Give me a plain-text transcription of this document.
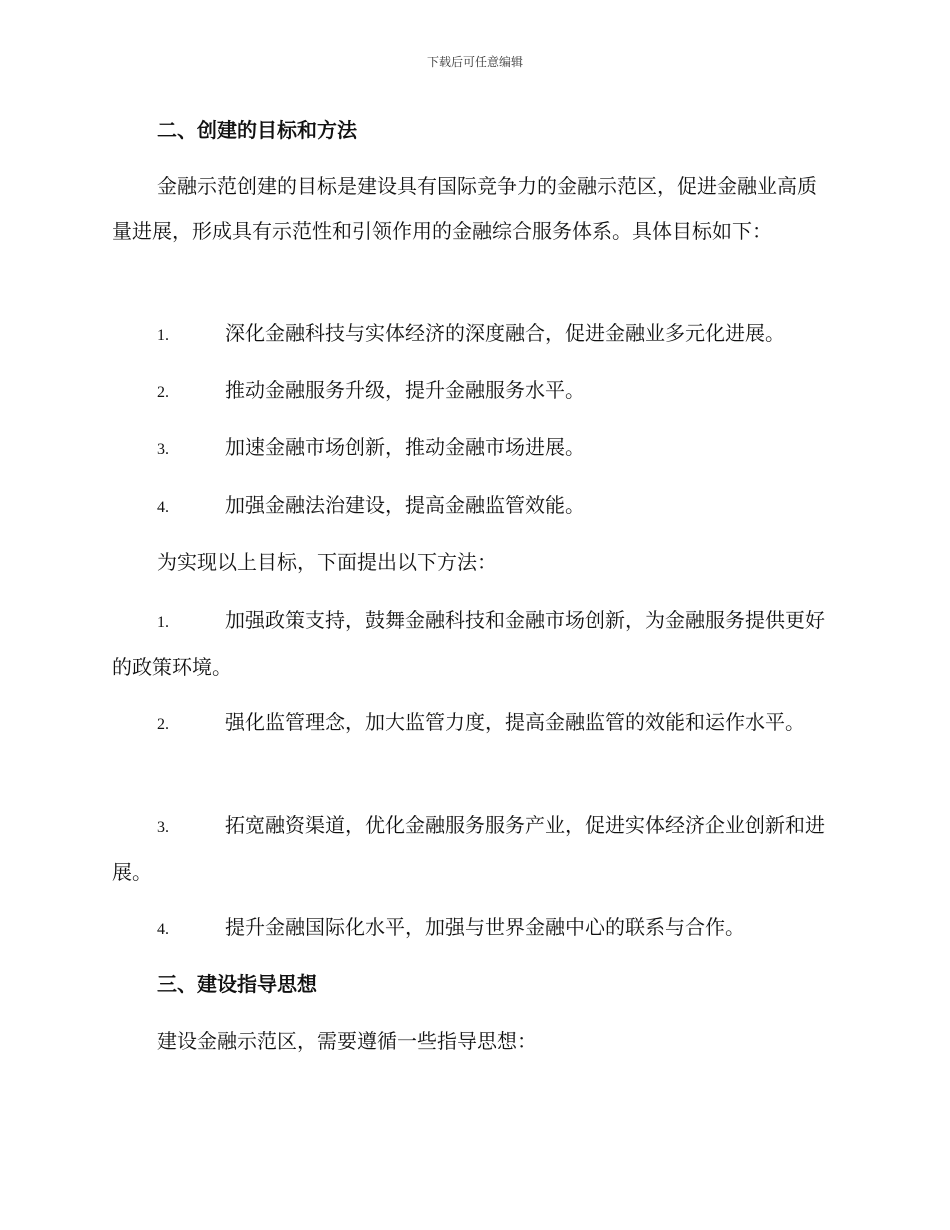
下载后可任意编辑
二、创建的目标和方法
金融示范创建的目标是建设具有国际竞争力的金融示范区，促进金融业高质量进展，形成具有示范性和引领作用的金融综合服务体系。具体目标如下：
1.	深化金融科技与实体经济的深度融合，促进金融业多元化进展。
2.	推动金融服务升级，提升金融服务水平。
3.	加速金融市场创新，推动金融市场进展。
4.	加强金融法治建设，提高金融监管效能。
为实现以上目标，下面提出以下方法：
1.	加强政策支持，鼓舞金融科技和金融市场创新，为金融服务提供更好的政策环境。
2.	强化监管理念，加大监管力度，提高金融监管的效能和运作水平。
3.	拓宽融资渠道，优化金融服务服务产业，促进实体经济企业创新和进展。
4.	提升金融国际化水平，加强与世界金融中心的联系与合作。
三、建设指导思想
建设金融示范区，需要遵循一些指导思想：
